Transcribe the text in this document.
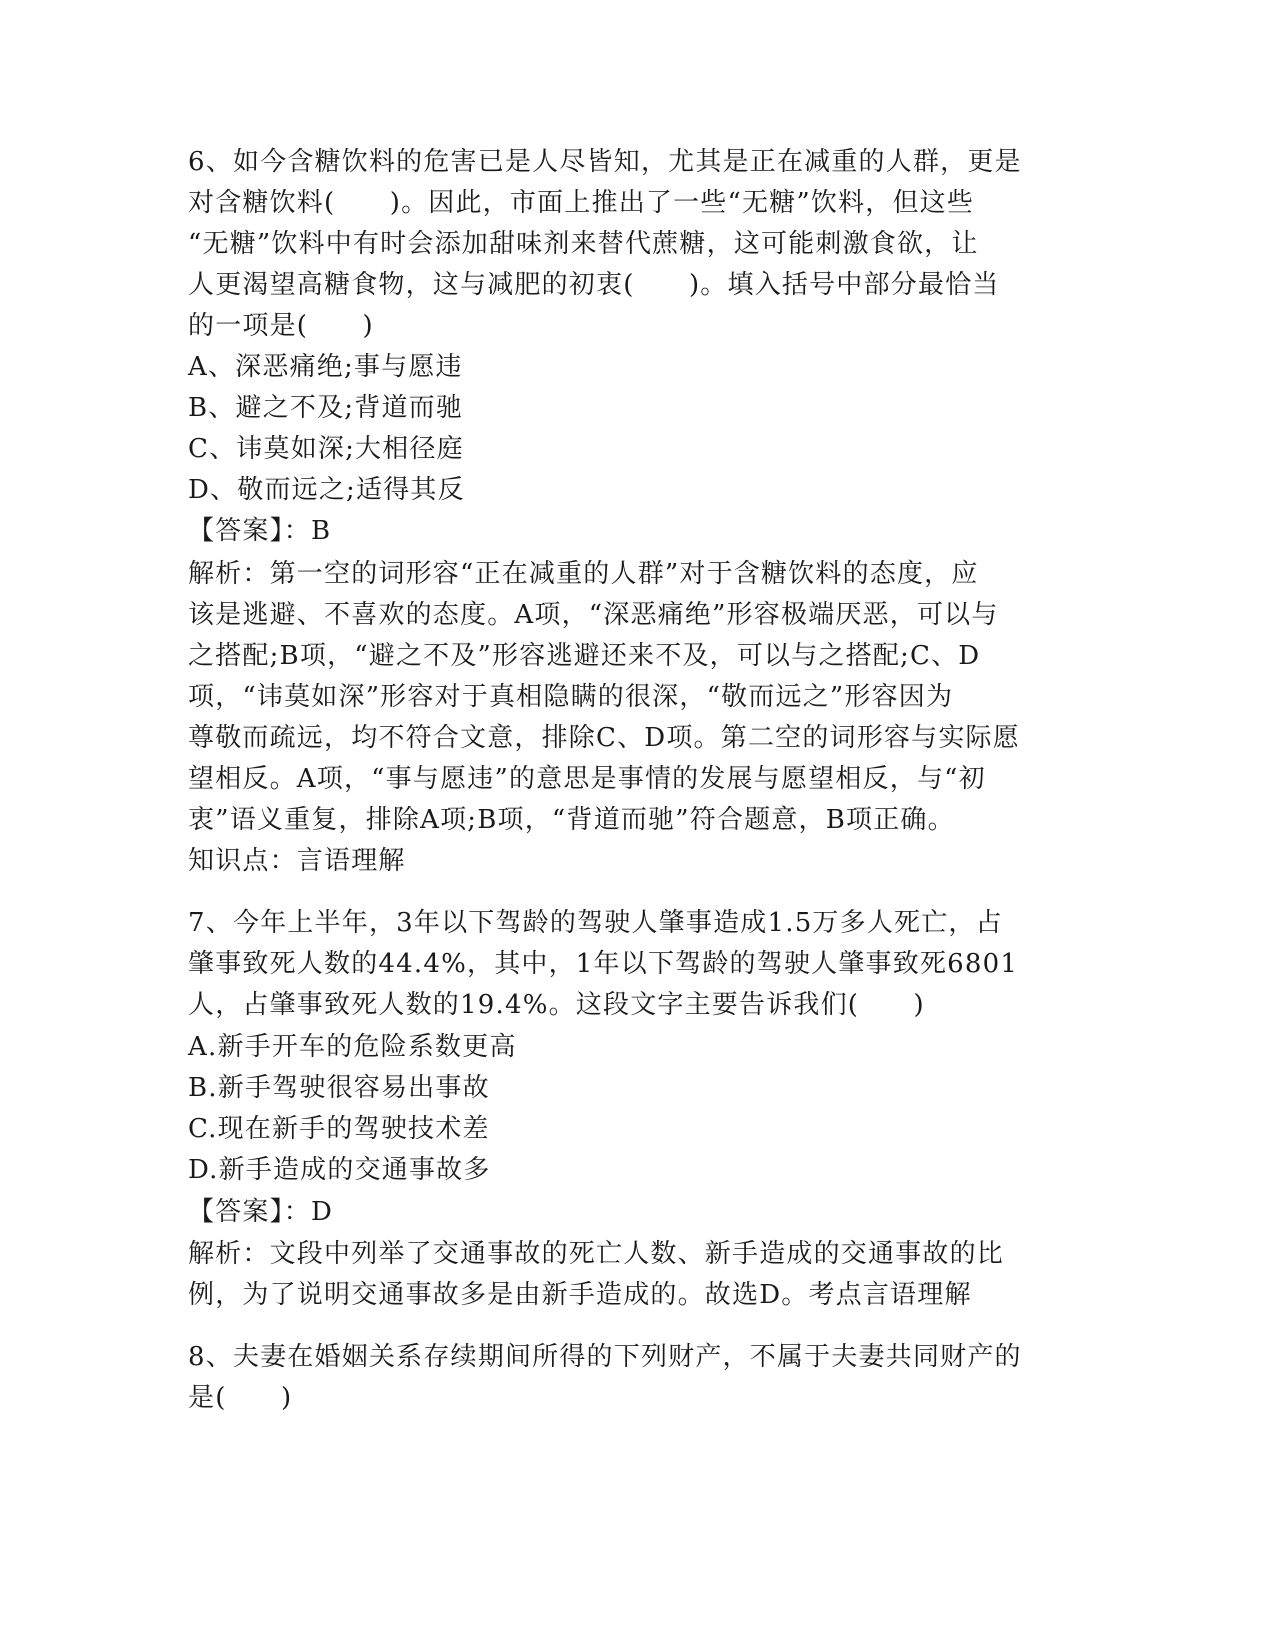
6、如今含糖饮料的危害已是人尽皆知，尤其是正在减重的人群，更是
对含糖饮料(　　)。因此，市面上推出了一些“无糖”饮料，但这些
“无糖”饮料中有时会添加甜味剂来替代蔗糖，这可能刺激食欲，让
人更渴望高糖食物，这与减肥的初衷(　　)。填入括号中部分最恰当
的一项是(　　)
A、深恶痛绝;事与愿违
B、避之不及;背道而驰
C、讳莫如深;大相径庭
D、敬而远之;适得其反
【答案】：B
解析：第一空的词形容“正在减重的人群”对于含糖饮料的态度，应
该是逃避、不喜欢的态度。A项，“深恶痛绝”形容极端厌恶，可以与
之搭配;B项，“避之不及”形容逃避还来不及，可以与之搭配;C、D
项，“讳莫如深”形容对于真相隐瞒的很深，“敬而远之”形容因为
尊敬而疏远，均不符合文意，排除C、D项。第二空的词形容与实际愿
望相反。A项，“事与愿违”的意思是事情的发展与愿望相反，与“初
衷”语义重复，排除A项;B项，“背道而驰”符合题意，B项正确。
知识点：言语理解
7、今年上半年，3年以下驾龄的驾驶人肇事造成1.5万多人死亡，占
肇事致死人数的44.4%，其中，1年以下驾龄的驾驶人肇事致死6801
人，占肇事致死人数的19.4%。这段文字主要告诉我们(　　)
A.新手开车的危险系数更高
B.新手驾驶很容易出事故
C.现在新手的驾驶技术差
D.新手造成的交通事故多
【答案】：D
解析：文段中列举了交通事故的死亡人数、新手造成的交通事故的比
例，为了说明交通事故多是由新手造成的。故选D。考点言语理解
8、夫妻在婚姻关系存续期间所得的下列财产，不属于夫妻共同财产的
是(　　)
